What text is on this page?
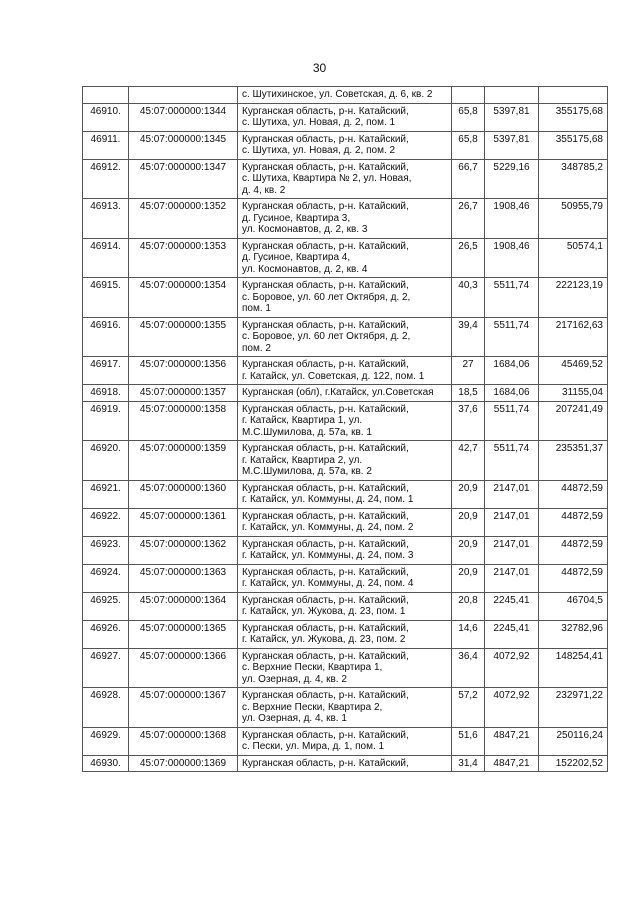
30

		с. Шутихинское, ул. Советская, д. 6, кв. 2			

46910.	45:07:000000:1344	Курганская область, р-н. Катайский,
с. Шутиха, ул. Новая, д. 2, пом. 1	65,8	5397,81	355175,68
46911.	45:07:000000:1345	Курганская область, р-н. Катайский,
с. Шутиха, ул. Новая, д. 2, пом. 2	65,8	5397,81	355175,68
46912.	45:07:000000:1347	Курганская область, р-н. Катайский,
с. Шутиха, Квартира № 2, ул. Новая,
д. 4, кв. 2	66,7	5229,16	348785,2
46913.	45:07:000000:1352	Курганская область, р-н. Катайский,
д. Гусиное, Квартира 3,
ул. Космонавтов, д. 2, кв. 3	26,7	1908,46	50955,79
46914.	45:07:000000:1353	Курганская область, р-н. Катайский,
д. Гусиное, Квартира 4,
ул. Космонавтов, д. 2, кв. 4	26,5	1908,46	50574,1
46915.	45:07:000000:1354	Курганская область, р-н. Катайский,
с. Боровое, ул. 60 лет Октября, д. 2,
пом. 1	40,3	5511,74	222123,19
46916.	45:07:000000:1355	Курганская область, р-н. Катайский,
с. Боровое, ул. 60 лет Октября, д. 2,
пом. 2	39,4	5511,74	217162,63
46917.	45:07:000000:1356	Курганская область, р-н. Катайский,
г. Катайск, ул. Советская, д. 122, пом. 1	27	1684,06	45469,52
46918.	45:07:000000:1357	Курганская (обл), г.Катайск, ул.Советская	18,5	1684,06	31155,04
46919.	45:07:000000:1358	Курганская область, р-н. Катайский,
г. Катайск, Квартира 1, ул.
М.С.Шумилова, д. 57а, кв. 1	37,6	5511,74	207241,49
46920.	45:07:000000:1359	Курганская область, р-н. Катайский,
г. Катайск, Квартира 2, ул.
М.С.Шумилова, д. 57а, кв. 2	42,7	5511,74	235351,37
46921.	45:07:000000:1360	Курганская область, р-н. Катайский,
г. Катайск, ул. Коммуны, д. 24, пом. 1	20,9	2147,01	44872,59
46922.	45:07:000000:1361	Курганская область, р-н. Катайский,
г. Катайск, ул. Коммуны, д. 24, пом. 2	20,9	2147,01	44872,59
46923.	45:07:000000:1362	Курганская область, р-н. Катайский,
г. Катайск, ул. Коммуны, д. 24, пом. 3	20,9	2147,01	44872,59
46924.	45:07:000000:1363	Курганская область, р-н. Катайский,
г. Катайск, ул. Коммуны, д. 24, пом. 4	20,9	2147,01	44872,59
46925.	45:07:000000:1364	Курганская область, р-н. Катайский,
г. Катайск, ул. Жукова, д. 23, пом. 1	20,8	2245,41	46704,5
46926.	45:07:000000:1365	Курганская область, р-н. Катайский,
г. Катайск, ул. Жукова, д. 23, пом. 2	14,6	2245,41	32782,96
46927.	45:07:000000:1366	Курганская область, р-н. Катайский,
с. Верхние Пески, Квартира 1,
ул. Озерная, д. 4, кв. 2	36,4	4072,92	148254,41
46928.	45:07:000000:1367	Курганская область, р-н. Катайский,
с. Верхние Пески, Квартира 2,
ул. Озерная, д. 4, кв. 1	57,2	4072,92	232971,22
46929.	45:07:000000:1368	Курганская область, р-н. Катайский,
с. Пески, ул. Мира, д. 1, пом. 1	51,6	4847,21	250116,24
46930.	45:07:000000:1369	Курганская область, р-н. Катайский,	31,4	4847,21	152202,52
